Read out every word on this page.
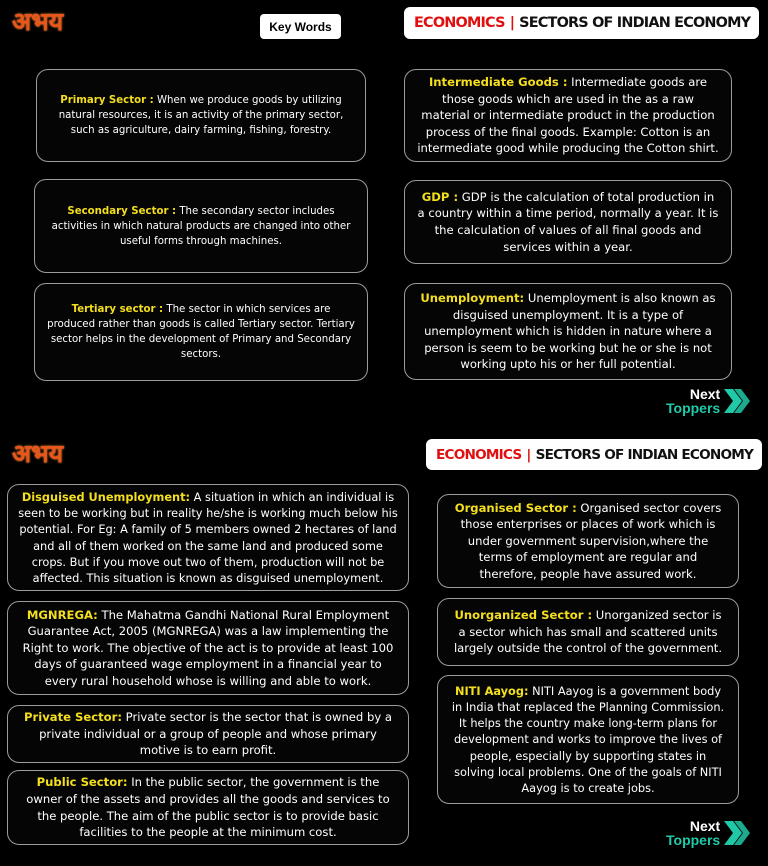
अभय	Key Words	ECONOMICS | SECTORS OF INDIAN ECONOMY

Primary Sector : When we produce goods by utilizing natural resources, it is an activity of the primary sector, such as agriculture, dairy farming, fishing, forestry.

Secondary Sector : The secondary sector includes activities in which natural products are changed into other useful forms through machines.

Tertiary sector : The sector in which services are produced rather than goods is called Tertiary sector. Tertiary sector helps in the development of Primary and Secondary sectors.

Intermediate Goods : Intermediate goods are those goods which are used in the as a raw material or intermediate product in the production process of the final goods. Example: Cotton is an intermediate good while producing the Cotton shirt.

GDP : GDP is the calculation of total production in a country within a time period, normally a year. It is the calculation of values of all final goods and services within a year.

Unemployment: Unemployment is also known as disguised unemployment. It is a type of unemployment which is hidden in nature where a person is seem to be working but he or she is not working upto his or her full potential.

Next
Toppers
अभय	ECONOMICS | SECTORS OF INDIAN ECONOMY

Disguised Unemployment: A situation in which an individual is seen to be working but in reality he/she is working much below his potential. For Eg: A family of 5 members owned 2 hectares of land and all of them worked on the same land and produced some crops. But if you move out two of them, production will not be affected. This situation is known as disguised unemployment.

MGNREGA: The Mahatma Gandhi National Rural Employment Guarantee Act, 2005 (MGNREGA) was a law implementing the Right to work. The objective of the act is to provide at least 100 days of guaranteed wage employment in a financial year to every rural household whose is willing and able to work.

Private Sector: Private sector is the sector that is owned by a private individual or a group of people and whose primary motive is to earn profit.

Public Sector: In the public sector, the government is the owner of the assets and provides all the goods and services to the people. The aim of the public sector is to provide basic facilities to the people at the minimum cost.

Organised Sector : Organised sector covers those enterprises or places of work which is under government supervision,where the terms of employment are regular and therefore, people have assured work.

Unorganized Sector : Unorganized sector is a sector which has small and scattered units largely outside the control of the government.

NITI Aayog: NITI Aayog is a government body in India that replaced the Planning Commission. It helps the country make long-term plans for development and works to improve the lives of people, especially by supporting states in solving local problems. One of the goals of NITI Aayog is to create jobs.

Next
Toppers
